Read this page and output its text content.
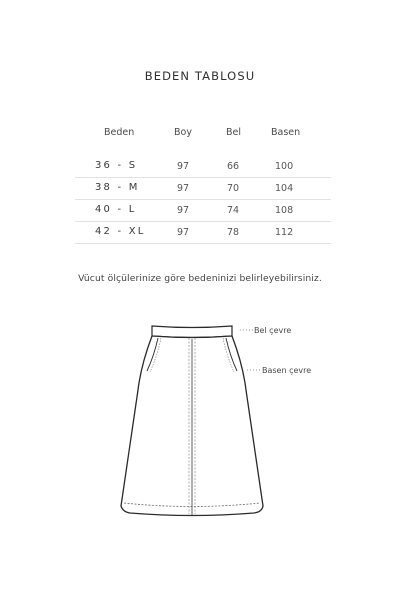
BEDEN TABLOSU
Beden	Boy	Bel	Basen
36 - S	97	66	100
38 - M	97	70	104
40 - L	97	74	108
42 - XL	97	78	112
Vücut ölçülerinize göre bedeninizi belirleyebilirsiniz.
····· Bel çevre
····· Basen çevre
